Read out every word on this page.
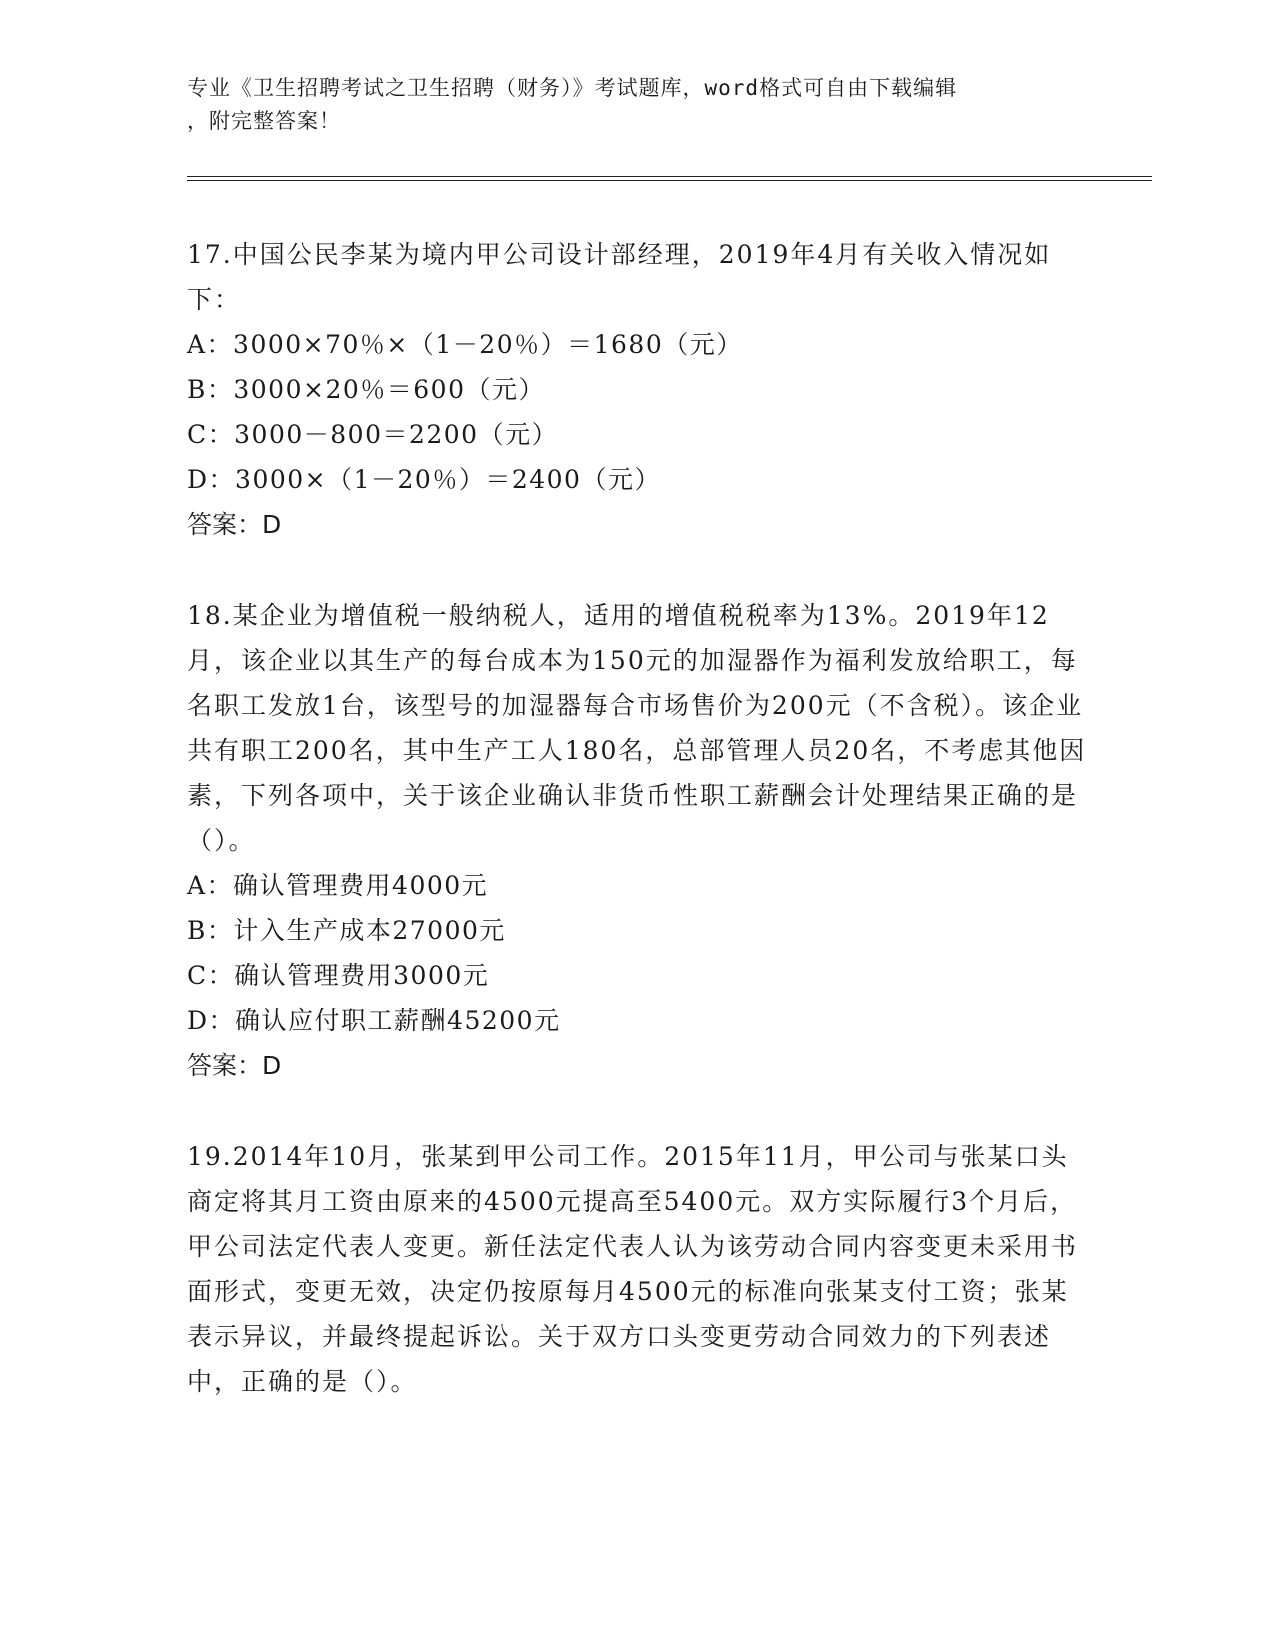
专业《卫生招聘考试之卫生招聘（财务）》考试题库，word格式可自由下载编辑
，附完整答案！

17.中国公民李某为境内甲公司设计部经理，2019年4月有关收入情况如下：

A：3000×70％×（1－20％）＝1680（元）
B：3000×20％＝600（元）
C：3000－800＝2200（元）
D：3000×（1－20％）＝2400（元）

答案：D

18.某企业为增值税一般纳税人，适用的增值税税率为13%。2019年12月，该企业以其生产的每台成本为150元的加湿器作为福利发放给职工，每名职工发放1台，该型号的加湿器每合市场售价为200元（不含税）。该企业共有职工200名，其中生产工人180名，总部管理人员20名，不考虑其他因素，下列各项中，关于该企业确认非货币性职工薪酬会计处理结果正确的是（）。

A：确认管理费用4000元
B：计入生产成本27000元
C：确认管理费用3000元
D：确认应付职工薪酬45200元

答案：D

19.2014年10月，张某到甲公司工作。2015年11月，甲公司与张某口头商定将其月工资由原来的4500元提高至5400元。双方实际履行3个月后，甲公司法定代表人变更。新任法定代表人认为该劳动合同内容变更未采用书面形式，变更无效，决定仍按原每月4500元的标准向张某支付工资；张某表示异议，并最终提起诉讼。关于双方口头变更劳动合同效力的下列表述中，正确的是（）。
